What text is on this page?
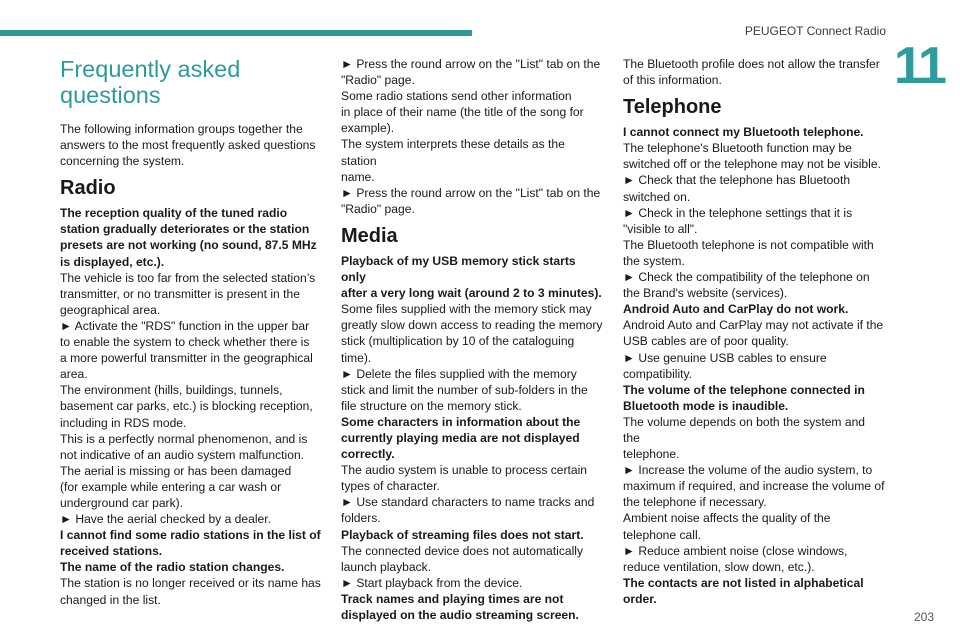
PEUGEOT Connect Radio
11
Frequently asked
questions
The following information groups together the
answers to the most frequently asked questions
concerning the system.
Radio
The reception quality of the tuned radio
station gradually deteriorates or the station
presets are not working (no sound, 87.5 MHz
is displayed, etc.).
The vehicle is too far from the selected station’s
transmitter, or no transmitter is present in the
geographical area.
► Activate the "RDS" function in the upper bar
to enable the system to check whether there is
a more powerful transmitter in the geographical
area.
The environment (hills, buildings, tunnels,
basement car parks, etc.) is blocking reception,
including in RDS mode.
This is a perfectly normal phenomenon, and is
not indicative of an audio system malfunction.
The aerial is missing or has been damaged
(for example while entering a car wash or
underground car park).
► Have the aerial checked by a dealer.
I cannot find some radio stations in the list of
received stations.
The name of the radio station changes.
The station is no longer received or its name has
changed in the list.
► Press the round arrow on the "List" tab on the
"Radio" page.
Some radio stations send other information
in place of their name (the title of the song for
example).
The system interprets these details as the station
name.
► Press the round arrow on the "List" tab on the
"Radio" page.
Media
Playback of my USB memory stick starts only
after a very long wait (around 2 to 3 minutes).
Some files supplied with the memory stick may
greatly slow down access to reading the memory
stick (multiplication by 10 of the cataloguing
time).
► Delete the files supplied with the memory
stick and limit the number of sub-folders in the
file structure on the memory stick.
Some characters in information about the
currently playing media are not displayed
correctly.
The audio system is unable to process certain
types of character.
► Use standard characters to name tracks and
folders.
Playback of streaming files does not start.
The connected device does not automatically
launch playback.
► Start playback from the device.
Track names and playing times are not
displayed on the audio streaming screen.
The Bluetooth profile does not allow the transfer
of this information.
Telephone
I cannot connect my Bluetooth telephone.
The telephone's Bluetooth function may be
switched off or the telephone may not be visible.
► Check that the telephone has Bluetooth
switched on.
► Check in the telephone settings that it is
"visible to all".
The Bluetooth telephone is not compatible with
the system.
► Check the compatibility of the telephone on
the Brand's website (services).
Android Auto and CarPlay do not work.
Android Auto and CarPlay may not activate if the
USB cables are of poor quality.
► Use genuine USB cables to ensure
compatibility.
The volume of the telephone connected in
Bluetooth mode is inaudible.
The volume depends on both the system and the
telephone.
► Increase the volume of the audio system, to
maximum if required, and increase the volume of
the telephone if necessary.
Ambient noise affects the quality of the
telephone call.
► Reduce ambient noise (close windows,
reduce ventilation, slow down, etc.).
The contacts are not listed in alphabetical
order.
203
